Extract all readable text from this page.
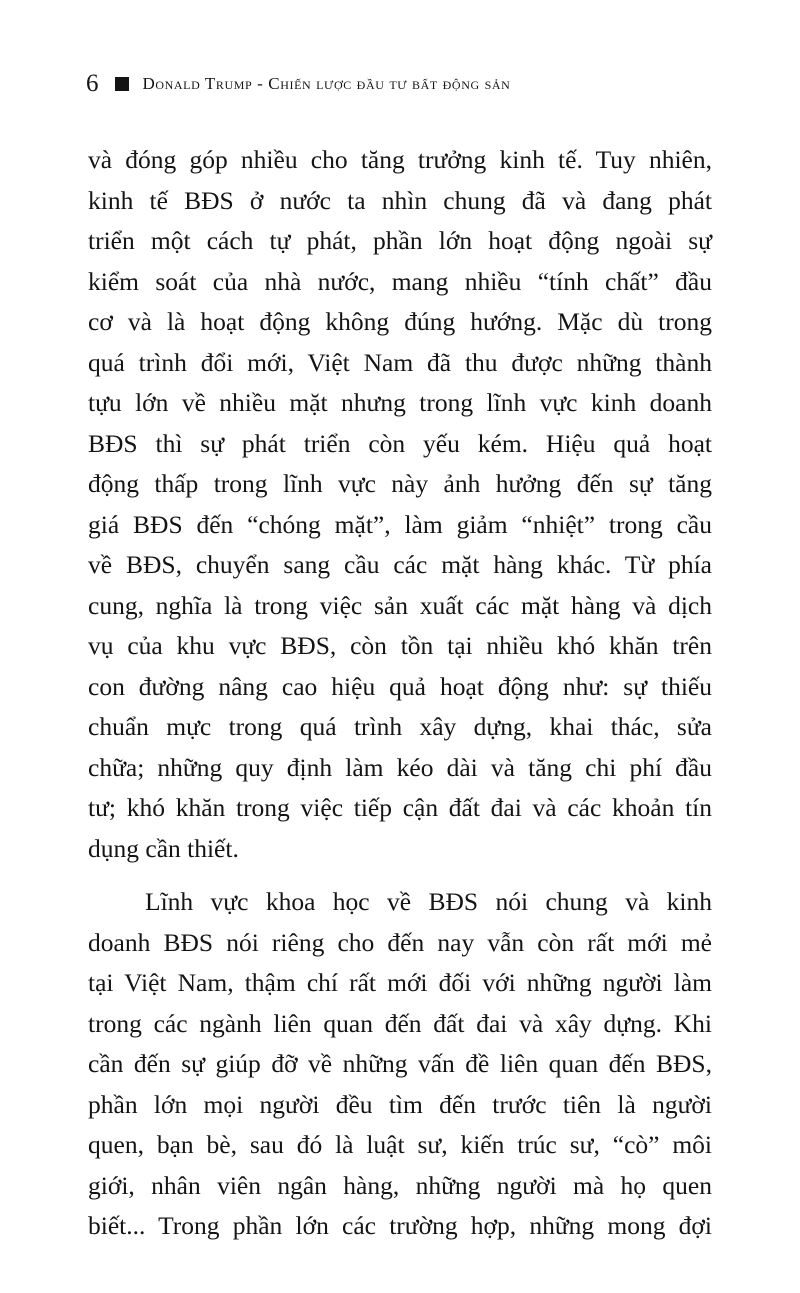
6	Donald Trump - Chiến lược đầu tư bất động sản

và đóng góp nhiều cho tăng trưởng kinh tế. Tuy nhiên,
kinh tế BĐS ở nước ta nhìn chung đã và đang phát
triển một cách tự phát, phần lớn hoạt động ngoài sự
kiểm soát của nhà nước, mang nhiều “tính chất” đầu
cơ và là hoạt động không đúng hướng. Mặc dù trong
quá trình đổi mới, Việt Nam đã thu được những thành
tựu lớn về nhiều mặt nhưng trong lĩnh vực kinh doanh
BĐS thì sự phát triển còn yếu kém. Hiệu quả hoạt
động thấp trong lĩnh vực này ảnh hưởng đến sự tăng
giá BĐS đến “chóng mặt”, làm giảm “nhiệt” trong cầu
về BĐS, chuyển sang cầu các mặt hàng khác. Từ phía
cung, nghĩa là trong việc sản xuất các mặt hàng và dịch
vụ của khu vực BĐS, còn tồn tại nhiều khó khăn trên
con đường nâng cao hiệu quả hoạt động như: sự thiếu
chuẩn mực trong quá trình xây dựng, khai thác, sửa
chữa; những quy định làm kéo dài và tăng chi phí đầu
tư; khó khăn trong việc tiếp cận đất đai và các khoản tín
dụng cần thiết.

Lĩnh vực khoa học về BĐS nói chung và kinh
doanh BĐS nói riêng cho đến nay vẫn còn rất mới mẻ
tại Việt Nam, thậm chí rất mới đối với những người làm
trong các ngành liên quan đến đất đai và xây dựng. Khi
cần đến sự giúp đỡ về những vấn đề liên quan đến BĐS,
phần lớn mọi người đều tìm đến trước tiên là người
quen, bạn bè, sau đó là luật sư, kiến trúc sư, “cò” môi
giới, nhân viên ngân hàng, những người mà họ quen
biết... Trong phần lớn các trường hợp, những mong đợi
